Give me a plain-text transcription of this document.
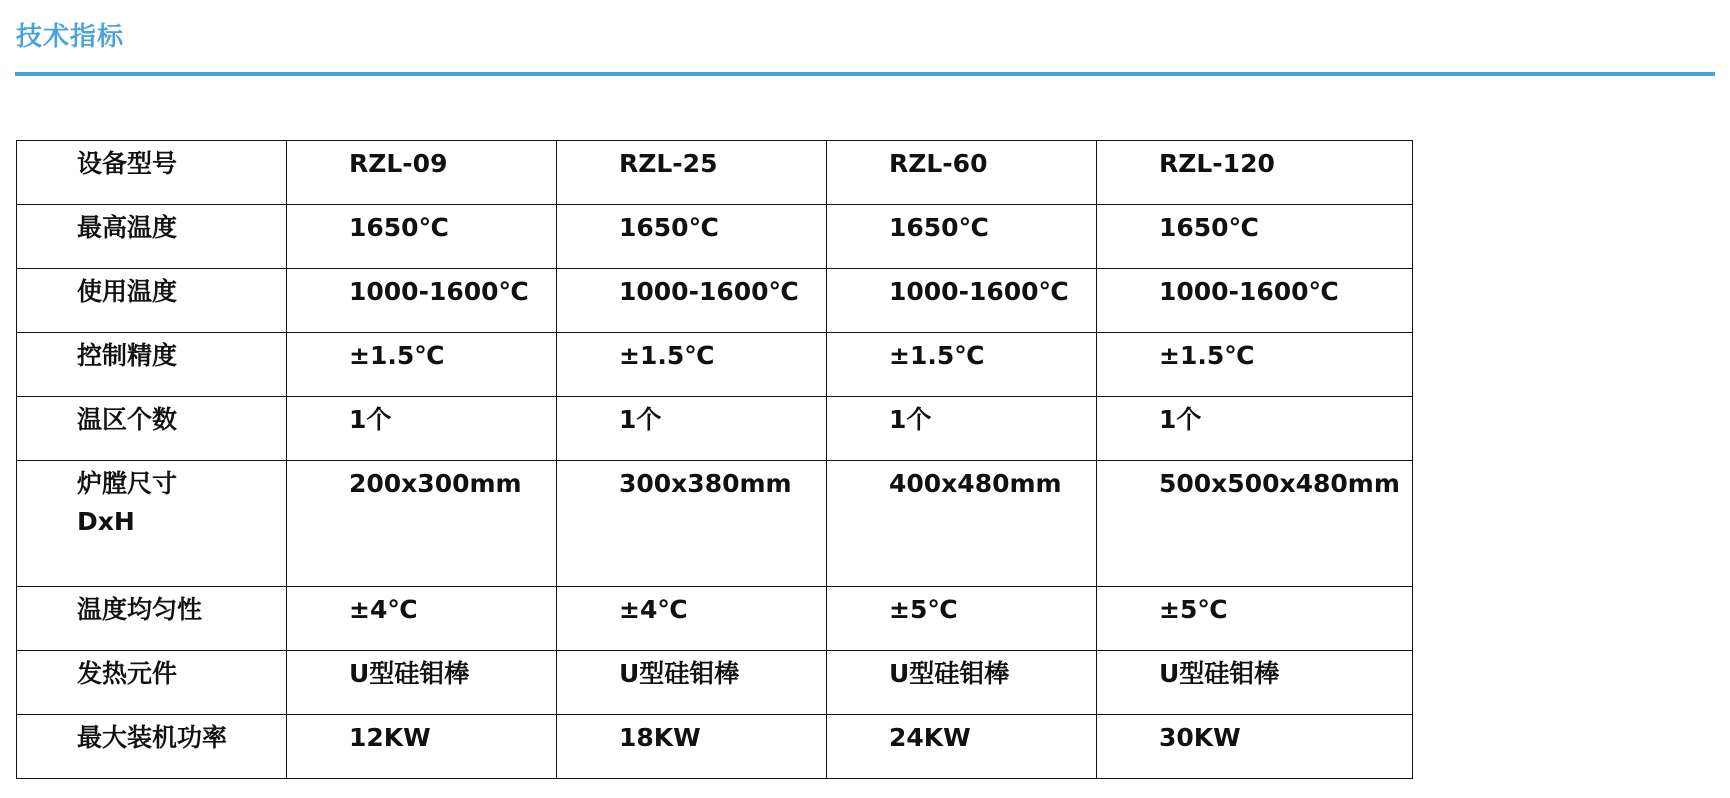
技术指标
设备型号	RZL-09	RZL-25	RZL-60	RZL-120

最高温度	1650℃	1650℃	1650℃	1650℃

使用温度	1000-1600℃	1000-1600℃	1000-1600℃	1000-1600℃

控制精度	±1.5℃	±1.5℃	±1.5℃	±1.5℃

温区个数	1个	1个	1个	1个

炉膛尺寸
DxH	200x300mm	300x380mm	400x480mm	500x500x480mm

温度均匀性	±4℃	±4℃	±5℃	±5℃

发热元件	U型硅钼棒	U型硅钼棒	U型硅钼棒	U型硅钼棒

最大装机功率	12KW	18KW	24KW	30KW
